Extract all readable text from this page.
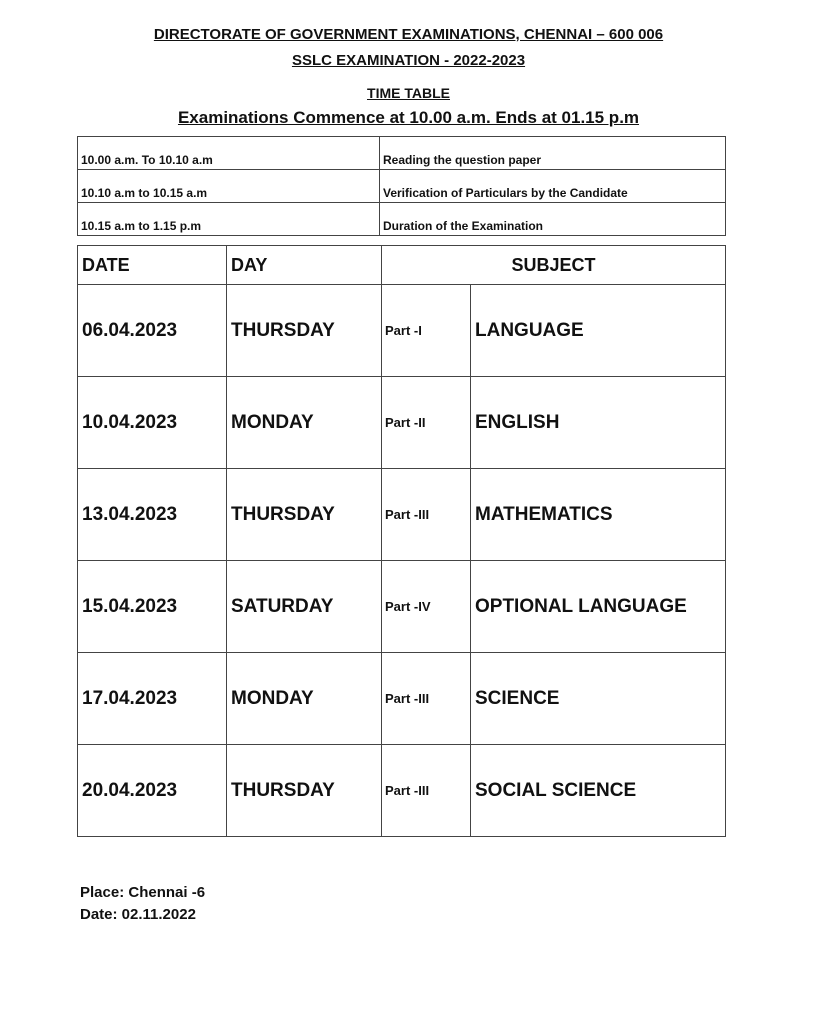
DIRECTORATE OF GOVERNMENT EXAMINATIONS, CHENNAI – 600 006
SSLC EXAMINATION - 2022-2023
TIME TABLE
Examinations Commence at 10.00 a.m. Ends at 01.15 p.m
10.00 a.m. To 10.10 a.m	Reading the question paper
10.10 a.m to 10.15 a.m	Verification of Particulars by the Candidate
10.15 a.m to 1.15 p.m	Duration of the Examination
DATE	DAY	SUBJECT	
06.04.2023	THURSDAY	Part -I	LANGUAGE
10.04.2023	MONDAY	Part -II	ENGLISH
13.04.2023	THURSDAY	Part -III	MATHEMATICS
15.04.2023	SATURDAY	Part -IV	OPTIONAL LANGUAGE
17.04.2023	MONDAY	Part -III	SCIENCE
20.04.2023	THURSDAY	Part -III	SOCIAL SCIENCE
Place: Chennai -6
Date: 02.11.2022
